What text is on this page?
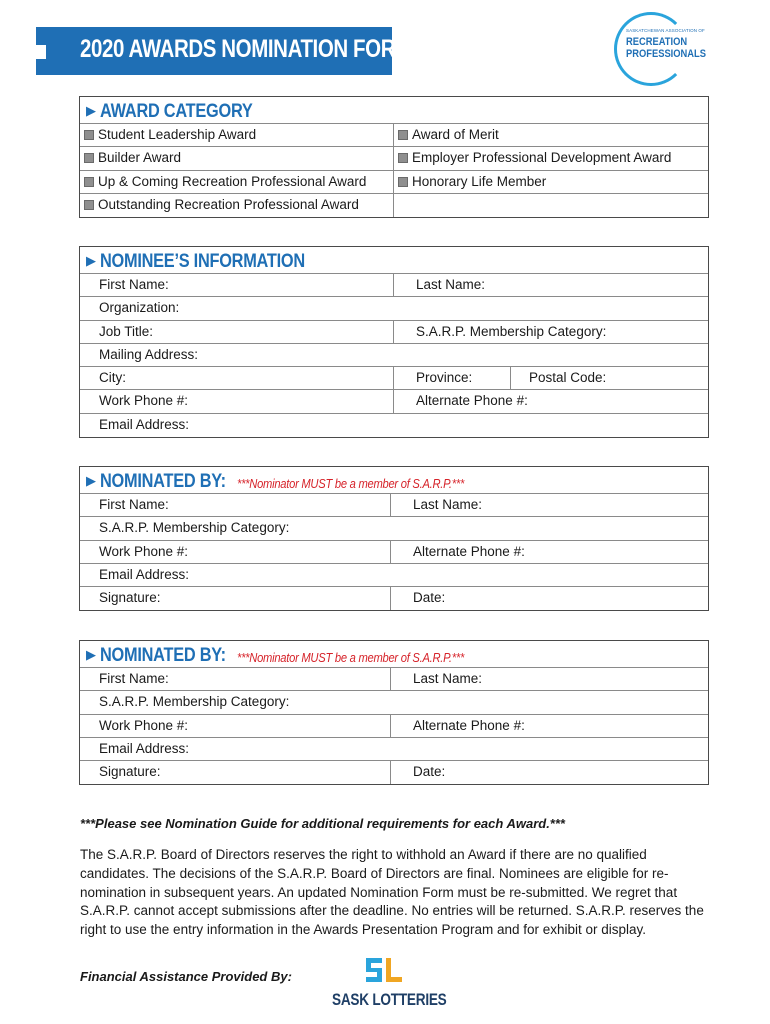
2020 AWARDS NOMINATION FORM
SASKATCHEWAN ASSOCIATION OF
RECREATION
PROFESSIONALS
▶ AWARD CATEGORY
Student Leadership Award	Award of Merit
Builder Award	Employer Professional Development Award
Up & Coming Recreation Professional Award	Honorary Life Member
Outstanding Recreation Professional Award
▶ NOMINEE’S INFORMATION
First Name:	Last Name:
Organization:
Job Title:	S.A.R.P. Membership Category:
Mailing Address:
City:	Province:	Postal Code:
Work Phone #:	Alternate Phone #:
Email Address:
▶ NOMINATED BY: ***Nominator MUST be a member of S.A.R.P.***
First Name:	Last Name:
S.A.R.P. Membership Category:
Work Phone #:	Alternate Phone #:
Email Address:
Signature:	Date:
▶ NOMINATED BY: ***Nominator MUST be a member of S.A.R.P.***
First Name:	Last Name:
S.A.R.P. Membership Category:
Work Phone #:	Alternate Phone #:
Email Address:
Signature:	Date:
***Please see Nomination Guide for additional requirements for each Award.***
The S.A.R.P. Board of Directors reserves the right to withhold an Award if there are no qualified candidates. The decisions of the S.A.R.P. Board of Directors are final. Nominees are eligible for re-nomination in subsequent years. An updated Nomination Form must be re-submitted. We regret that S.A.R.P. cannot accept submissions after the deadline. No entries will be returned. S.A.R.P. reserves the right to use the entry information in the Awards Presentation Program and for exhibit or display.
Financial Assistance Provided By:
SASK LOTTERIES
